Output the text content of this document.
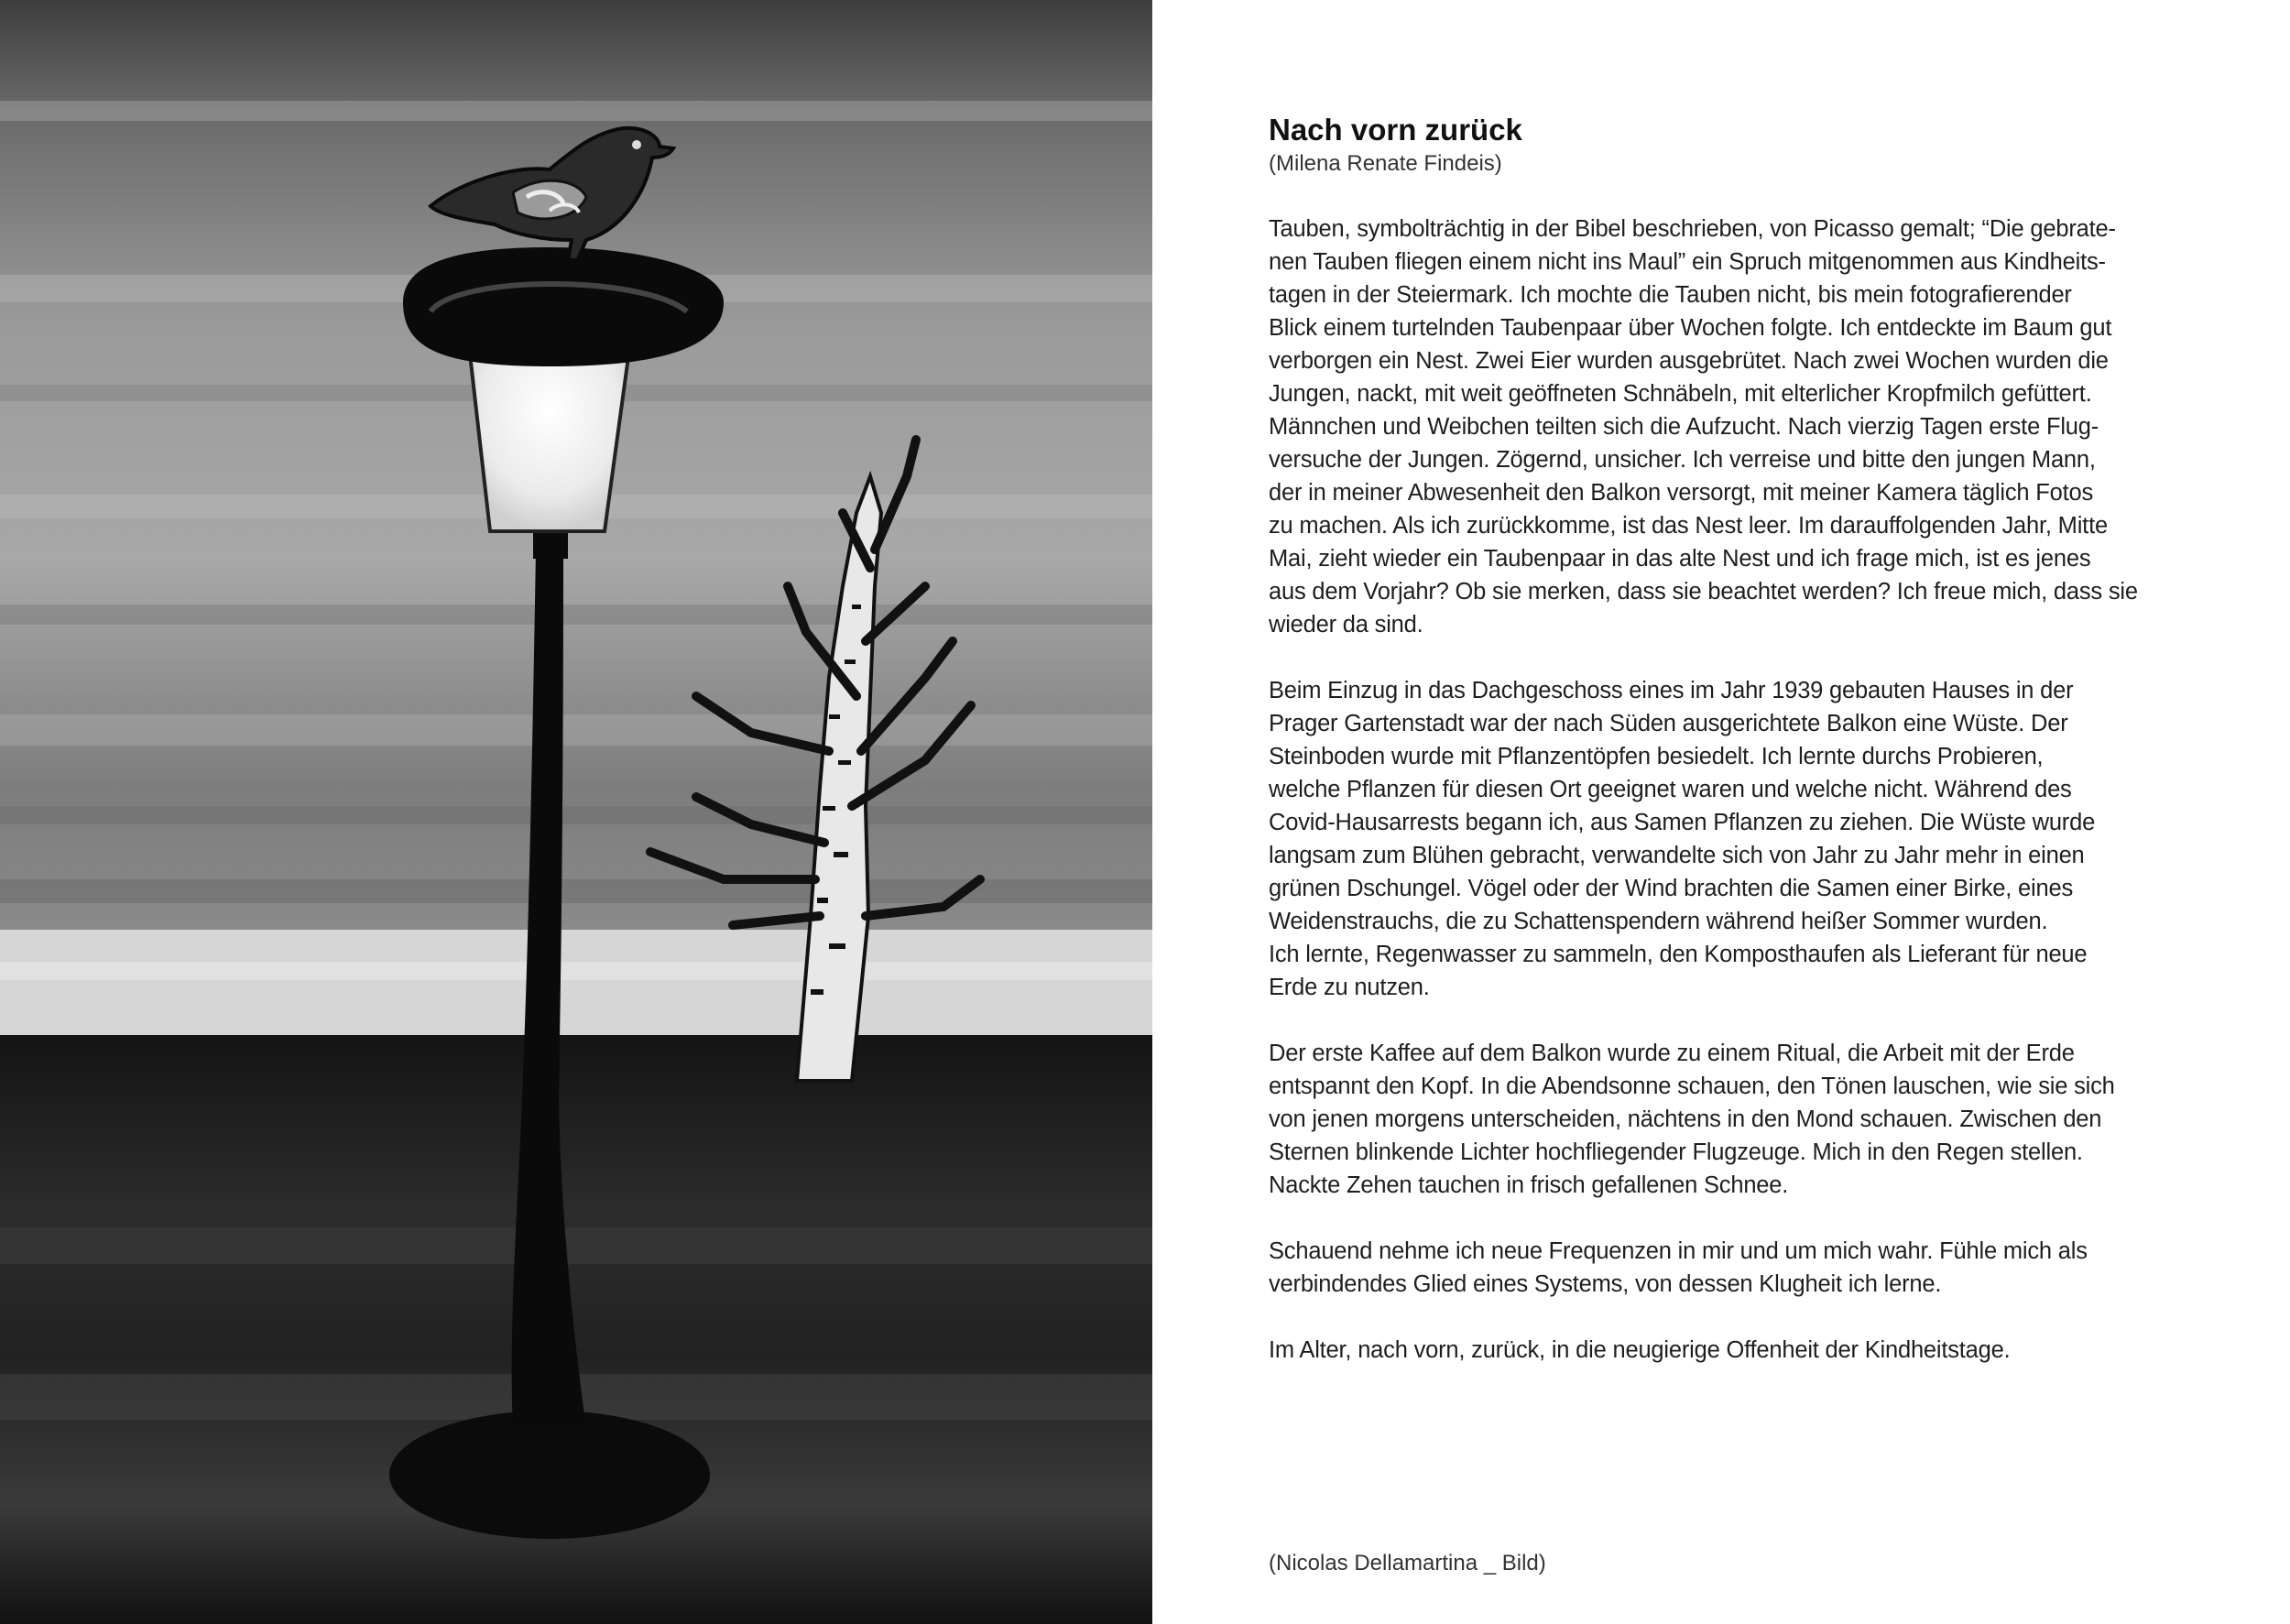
Nach vorn zurück

(Milena Renate Findeis)

Tauben, symbolträchtig in der Bibel beschrieben, von Picasso gemalt; “Die gebrate-
nen Tauben fliegen einem nicht ins Maul” ein Spruch mitgenommen aus Kindheits-
tagen in der Steiermark. Ich mochte die Tauben nicht, bis mein fotografierender
Blick einem turtelnden Taubenpaar über Wochen folgte. Ich entdeckte im Baum gut
verborgen ein Nest. Zwei Eier wurden ausgebrütet. Nach zwei Wochen wurden die
Jungen, nackt, mit weit geöffneten Schnäbeln, mit elterlicher Kropfmilch gefüttert.
Männchen und Weibchen teilten sich die Aufzucht. Nach vierzig Tagen erste Flug-
versuche der Jungen. Zögernd, unsicher. Ich verreise und bitte den jungen Mann,
der in meiner Abwesenheit den Balkon versorgt, mit meiner Kamera täglich Fotos
zu machen. Als ich zurückkomme, ist das Nest leer. Im darauffolgenden Jahr, Mitte
Mai, zieht wieder ein Taubenpaar in das alte Nest und ich frage mich, ist es jenes
aus dem Vorjahr? Ob sie merken, dass sie beachtet werden? Ich freue mich, dass sie
wieder da sind.

Beim Einzug in das Dachgeschoss eines im Jahr 1939 gebauten Hauses in der
Prager Gartenstadt war der nach Süden ausgerichtete Balkon eine Wüste. Der
Steinboden wurde mit Pflanzentöpfen besiedelt. Ich lernte durchs Probieren,
welche Pflanzen für diesen Ort geeignet waren und welche nicht. Während des
Covid-Hausarrests begann ich, aus Samen Pflanzen zu ziehen. Die Wüste wurde
langsam zum Blühen gebracht, verwandelte sich von Jahr zu Jahr mehr in einen
grünen Dschungel. Vögel oder der Wind brachten die Samen einer Birke, eines
Weidenstrauchs, die zu Schattenspendern während heißer Sommer wurden.
Ich lernte, Regenwasser zu sammeln, den Komposthaufen als Lieferant für neue
Erde zu nutzen.

Der erste Kaffee auf dem Balkon wurde zu einem Ritual, die Arbeit mit der Erde
entspannt den Kopf. In die Abendsonne schauen, den Tönen lauschen, wie sie sich
von jenen morgens unterscheiden, nächtens in den Mond schauen. Zwischen den
Sternen blinkende Lichter hochfliegender Flugzeuge. Mich in den Regen stellen.
Nackte Zehen tauchen in frisch gefallenen Schnee.

Schauend nehme ich neue Frequenzen in mir und um mich wahr. Fühle mich als
verbindendes Glied eines Systems, von dessen Klugheit ich lerne.

Im Alter, nach vorn, zurück, in die neugierige Offenheit der Kindheitstage.

(Nicolas Dellamartina _ Bild)
